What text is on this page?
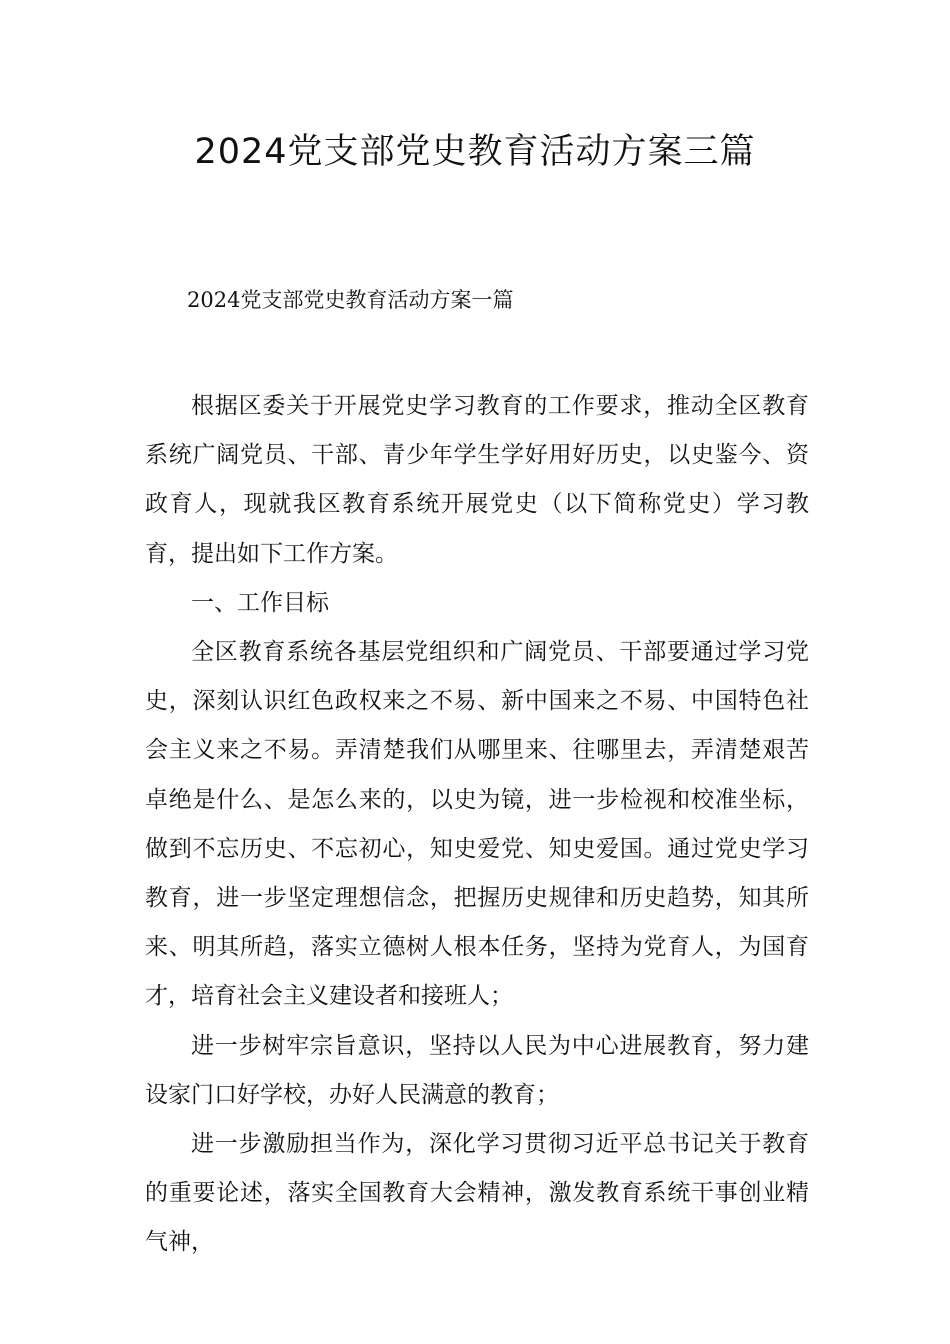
2024党支部党史教育活动方案三篇

2024党支部党史教育活动方案一篇

根据区委关于开展党史学习教育的工作要求，推动全区教育系统广阔党员、干部、青少年学生学好用好历史，以史鉴今、资政育人，现就我区教育系统开展党史（以下简称党史）学习教育，提出如下工作方案。

一、工作目标

全区教育系统各基层党组织和广阔党员、干部要通过学习党史，深刻认识红色政权来之不易、新中国来之不易、中国特色社会主义来之不易。弄清楚我们从哪里来、往哪里去，弄清楚艰苦卓绝是什么、是怎么来的，以史为镜，进一步检视和校准坐标，做到不忘历史、不忘初心，知史爱党、知史爱国。通过党史学习教育，进一步坚定理想信念，把握历史规律和历史趋势，知其所来、明其所趋，落实立德树人根本任务，坚持为党育人，为国育才，培育社会主义建设者和接班人；

进一步树牢宗旨意识，坚持以人民为中心进展教育，努力建设家门口好学校，办好人民满意的教育；

进一步激励担当作为，深化学习贯彻习近平总书记关于教育的重要论述，落实全国教育大会精神，激发教育系统干事创业精气神，
